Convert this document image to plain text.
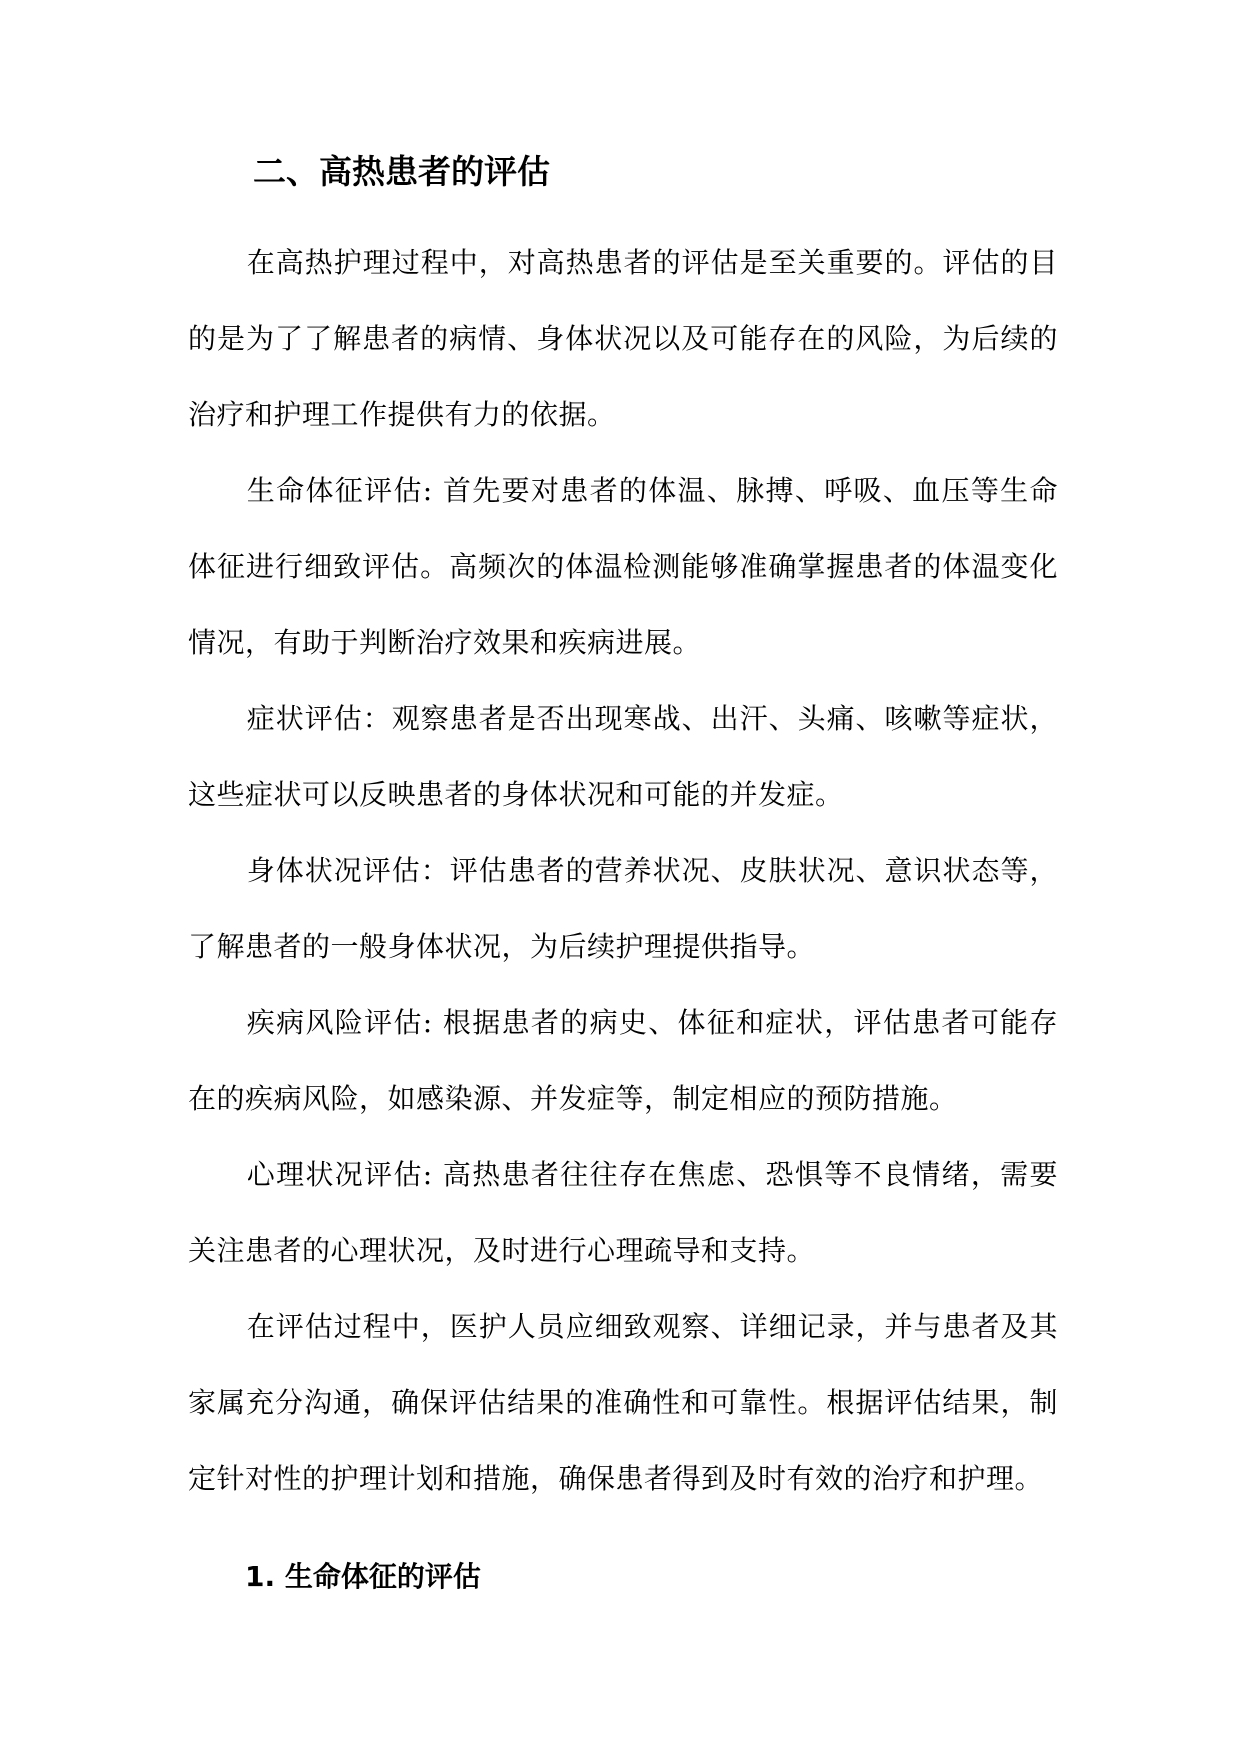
二、高热患者的评估

在高热护理过程中，对高热患者的评估是至关重要的。评估的目的是为了了解患者的病情、身体状况以及可能存在的风险，为后续的治疗和护理工作提供有力的依据。

生命体征评估: 首先要对患者的体温、脉搏、呼吸、血压等生命体征进行细致评估。高频次的体温检测能够准确掌握患者的体温变化情况，有助于判断治疗效果和疾病进展。

症状评估：观察患者是否出现寒战、出汗、头痛、咳嗽等症状，这些症状可以反映患者的身体状况和可能的并发症。

身体状况评估：评估患者的营养状况、皮肤状况、意识状态等，了解患者的一般身体状况，为后续护理提供指导。

疾病风险评估: 根据患者的病史、体征和症状，评估患者可能存在的疾病风险，如感染源、并发症等，制定相应的预防措施。

心理状况评估: 高热患者往往存在焦虑、恐惧等不良情绪，需要关注患者的心理状况，及时进行心理疏导和支持。

在评估过程中，医护人员应细致观察、详细记录，并与患者及其家属充分沟通，确保评估结果的准确性和可靠性。根据评估结果，制定针对性的护理计划和措施，确保患者得到及时有效的治疗和护理。

1. 生命体征的评估
